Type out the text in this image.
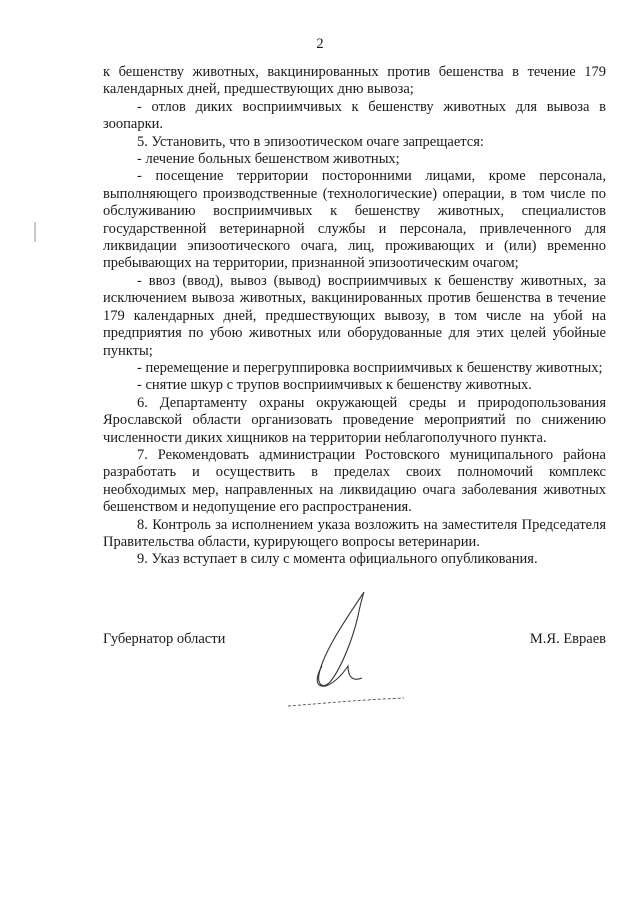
2

к бешенству животных, вакцинированных против бешенства в течение 179 календарных дней, предшествующих дню вывоза;

- отлов диких восприимчивых к бешенству животных для вывоза в зоопарки.

5. Установить, что в эпизоотическом очаге запрещается:

- лечение больных бешенством животных;

- посещение территории посторонними лицами, кроме персонала, выполняющего производственные (технологические) операции, в том числе по обслуживанию восприимчивых к бешенству животных, специалистов государственной ветеринарной службы и персонала, привлеченного для ликвидации эпизоотического очага, лиц, проживающих и (или) временно пребывающих на территории, признанной эпизоотическим очагом;

- ввоз (ввод), вывоз (вывод) восприимчивых к бешенству животных, за исключением вывоза животных, вакцинированных против бешенства в течение 179 календарных дней, предшествующих вывозу, в том числе на убой на предприятия по убою животных или оборудованные для этих целей убойные пункты;

- перемещение и перегруппировка восприимчивых к бешенству животных;

- снятие шкур с трупов восприимчивых к бешенству животных.

6. Департаменту охраны окружающей среды и природопользования Ярославской области организовать проведение мероприятий по снижению численности диких хищников на территории неблагополучного пункта.

7. Рекомендовать администрации Ростовского муниципального района разработать и осуществить в пределах своих полномочий комплекс необходимых мер, направленных на ликвидацию очага заболевания животных бешенством и недопущение его распространения.

8. Контроль за исполнением указа возложить на заместителя Председателя Правительства области, курирующего вопросы ветеринарии.

9. Указ вступает в силу с момента официального опубликования.

Губернатор области	М.Я. Евраев
